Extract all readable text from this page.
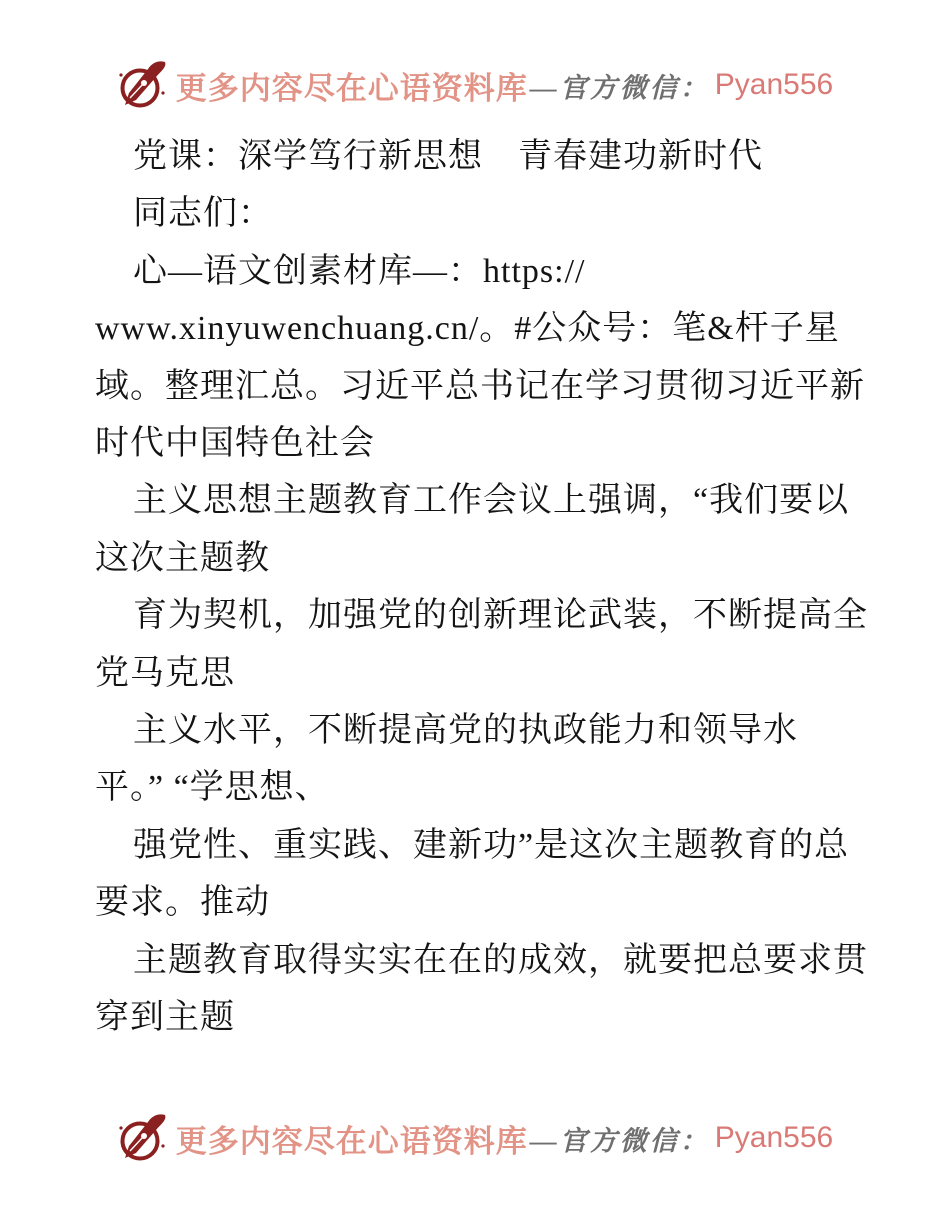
更多内容尽在心语资料库 —官方微信： Pyan556
党课：深学笃行新思想　青春建功新时代
同志们：
心—语文创素材库—：https://
www.xinyuwenchuang.cn/。#公众号：笔&杆子星
域。整理汇总。习近平总书记在学习贯彻习近平新
时代中国特色社会
主义思想主题教育工作会议上强调，“我们要以
这次主题教
育为契机，加强党的创新理论武装，不断提高全
党马克思
主义水平，不断提高党的执政能力和领导水
平。” “学思想、
强党性、重实践、建新功”是这次主题教育的总
要求。推动
主题教育取得实实在在的成效，就要把总要求贯
穿到主题
更多内容尽在心语资料库 —官方微信： Pyan556
